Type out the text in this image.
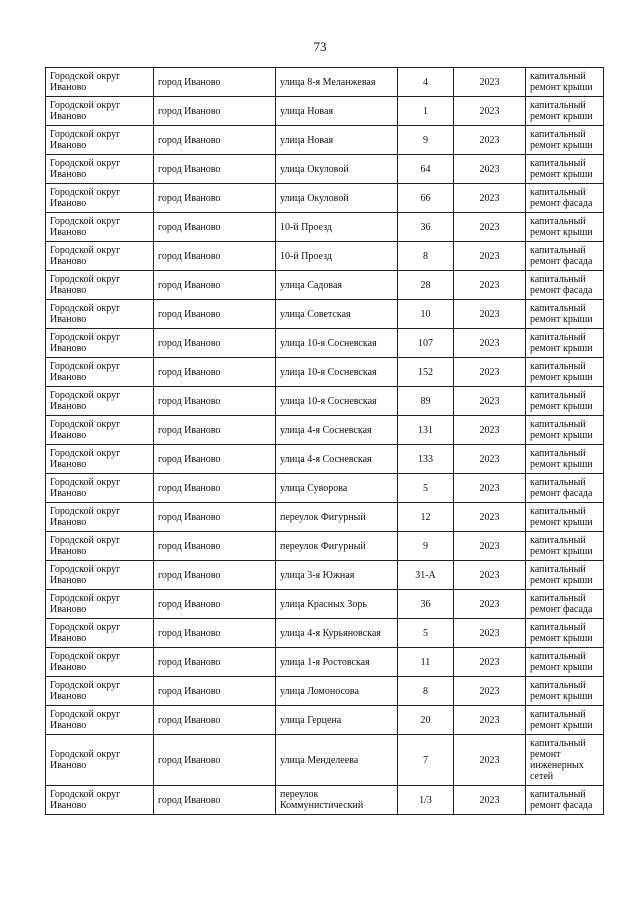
73
Городской округ Иваново	город Иваново	улица 8-я Меланжевая	4	2023	капитальный ремонт крыши
Городской округ Иваново	город Иваново	улица Новая	1	2023	капитальный ремонт крыши
Городской округ Иваново	город Иваново	улица Новая	9	2023	капитальный ремонт крыши
Городской округ Иваново	город Иваново	улица Окуловой	64	2023	капитальный ремонт крыши
Городской округ Иваново	город Иваново	улица Окуловой	66	2023	капитальный ремонт фасада
Городской округ Иваново	город Иваново	10-й Проезд	36	2023	капитальный ремонт крыши
Городской округ Иваново	город Иваново	10-й Проезд	8	2023	капитальный ремонт фасада
Городской округ Иваново	город Иваново	улица Садовая	28	2023	капитальный ремонт фасада
Городской округ Иваново	город Иваново	улица Советская	10	2023	капитальный ремонт крыши
Городской округ Иваново	город Иваново	улица 10-я Сосневская	107	2023	капитальный ремонт крыши
Городской округ Иваново	город Иваново	улица 10-я Сосневская	152	2023	капитальный ремонт крыши
Городской округ Иваново	город Иваново	улица 10-я Сосневская	89	2023	капитальный ремонт крыши
Городской округ Иваново	город Иваново	улица 4-я Сосневская	131	2023	капитальный ремонт крыши
Городской округ Иваново	город Иваново	улица 4-я Сосневская	133	2023	капитальный ремонт крыши
Городской округ Иваново	город Иваново	улица Суворова	5	2023	капитальный ремонт фасада
Городской округ Иваново	город Иваново	переулок Фигурный	12	2023	капитальный ремонт крыши
Городской округ Иваново	город Иваново	переулок Фигурный	9	2023	капитальный ремонт крыши
Городской округ Иваново	город Иваново	улица 3-я Южная	31-А	2023	капитальный ремонт крыши
Городской округ Иваново	город Иваново	улица Красных Зорь	36	2023	капитальный ремонт фасада
Городской округ Иваново	город Иваново	улица 4-я Курьяновская	5	2023	капитальный ремонт крыши
Городской округ Иваново	город Иваново	улица 1-я Ростовская	11	2023	капитальный ремонт крыши
Городской округ Иваново	город Иваново	улица Ломоносова	8	2023	капитальный ремонт крыши
Городской округ Иваново	город Иваново	улица Герцена	20	2023	капитальный ремонт крыши
Городской округ Иваново	город Иваново	улица Менделеева	7	2023	капитальный ремонт инженерных сетей
Городской округ Иваново	город Иваново	переулок Коммунистический	1/3	2023	капитальный ремонт фасада
